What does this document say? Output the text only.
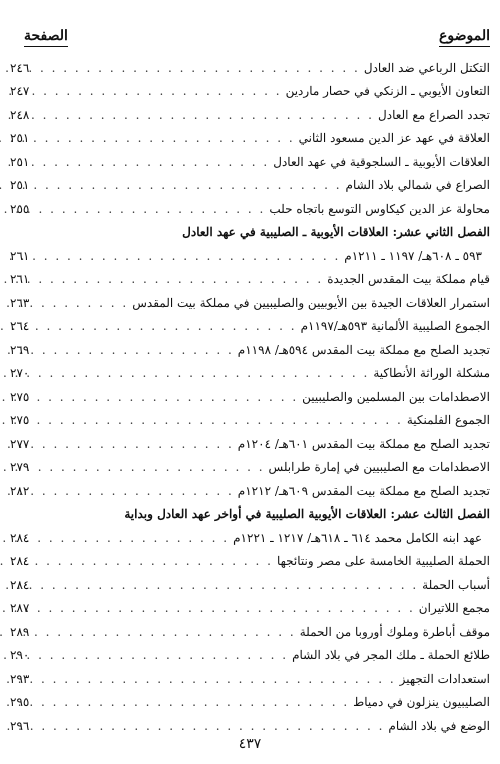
الموضوع
الصفحة
التكتل الرباعي ضد العادل
. . .
٢٤٦
التعاون الأيوبي ـ الزنكي في حصار ماردين
. . .
٢٤٧
تجدد الصراع مع العادل
. . .
٢٤٨
العلاقة في عهد عز الدين مسعود الثاني
. . .
٢٥١
العلاقات الأيوبية ـ السلجوقية في عهد العادل
. . .
٢٥١
الصراع في شمالي بلاد الشام
. . .
٢٥١
محاولة عز الدين كيكاوس التوسع باتجاه حلب
. . .
٢٥٥
الفصل الثاني عشر: العلاقات الأيوبية ـ الصليبية في عهد العادل
٥٩٣ ـ ٦٠٨هـ/ ١١٩٧ ـ ١٢١١م
. . .
٢٦١
قيام مملكة بيت المقدس الجديدة
. . .
٢٦١
استمرار العلاقات الجيدة بين الأيوبيين والصليبيين في مملكة بيت المقدس
. . .
٢٦٣
الجموع الصليبية الألمانية ٥٩٣هـ/١١٩٧م
. . .
٢٦٤
تجديد الصلح مع مملكة بيت المقدس ٥٩٤هـ/ ١١٩٨م
. . .
٢٦٩
مشكلة الوراثة الأنطاكية
. . .
٢٧٠
الاصطدامات بين المسلمين والصليبيين
. . .
٢٧٥
الجموع الفلمنكية
. . .
٢٧٥
تجديد الصلح مع مملكة بيت المقدس ٦٠١هـ/ ١٢٠٤م
. . .
٢٧٧
الاصطدامات مع الصليبيين في إمارة طرابلس
. . .
٢٧٩
تجديد الصلح مع مملكة بيت المقدس ٦٠٩هـ/ ١٢١٢م
. . .
٢٨٢
الفصل الثالث عشر: العلاقات الأيوبية الصليبية في أواخر عهد العادل وبداية
عهد ابنه الكامل محمد ٦١٤ ـ ٦١٨هـ/ ١٢١٧ ـ ١٢٢١م
. . .
٢٨٤
الحملة الصليبية الخامسة على مصر ونتائجها
. . .
٢٨٤
أسباب الحملة
. . .
٢٨٤
مجمع اللاتيران
. . .
٢٨٧
موقف أباطرة وملوك أوروبا من الحملة
. . .
٢٨٩
طلائع الحملة ـ ملك المجر في بلاد الشام
. . .
٢٩٠
استعدادات التجهيز
. . .
٢٩٣
الصليبيون ينزلون في دمياط
. . .
٢٩٥
الوضع في بلاد الشام
. . .
٢٩٦
٤٣٧
